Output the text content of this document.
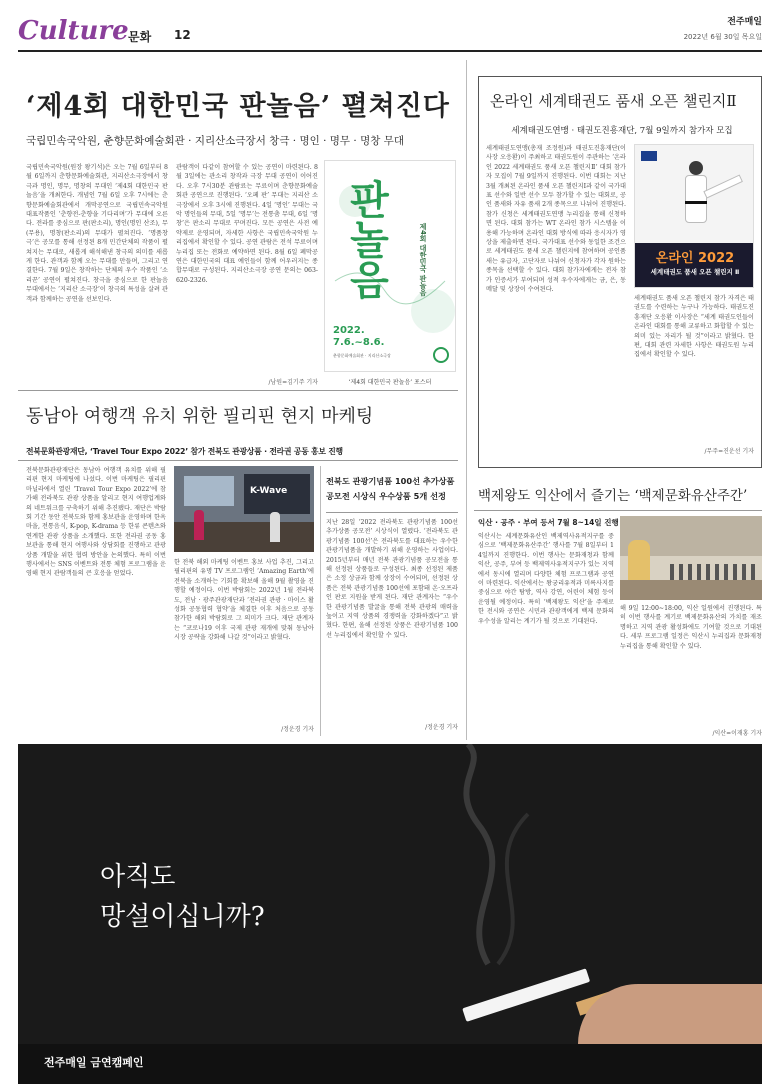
Culture 문화 12
전주매일
2022년 6월 30일 목요일
‘제4회 대한민국 판놀음’ 펼쳐진다
국립민속국악원, 춘향문화예술회관 · 지리산소극장서 창극 · 명인 · 명무 · 명창 무대
국립민속국악원(원장 왕기석)은 오는 7월 6일부터 8월 6일까지 춘향문화예술회관, 지리산소극장에서 창극과 명인, 명무, 명창의 무대인 ‘제4회 대한민국 판놀음’을 개최한다. 개념인 7월 6일 오후 7시에는 춘향문화예술회관에서 개막공연으로 국립민속국악원 대표작품인 ‘춘향전-춘향을 기다리며’가 무대에 오른다. 전라를 중심으로 판(판소리), 명인(명인 산조), 무(무용), 명창(판소리)의 무대가 펼쳐진다. ‘명품창극’은 공모를 통해 선정된 8개 민간단체의 작품이 펼쳐지는 무대로, 새롭게 해석해낸 창극의 의미를 새롭게 한다. 관객과 함께 오는 무대를 만들며, 그리고 연결한다. 7월 9일은 창작하는 단체의 우수 작품인 ‘소리꾼’ 공연이 펼쳐진다. 창극을 중심으로 한 판놀음 무대에서는 ‘지리산 소극장’이 창극의 특성을 살려 관객과 함께하는 공연을 선보인다.
관람객이 다같이 참여할 수 있는 공연이 마련된다. 8월 3일에는 관소리 창작과 극장 무대 공연이 이어진다. 오후 7시30분 관람료는 무료이며 춘향문화예술회관 공연으로 진행된다. ‘오페 판’ 무대는 지리산 소극장에서 오후 3시에 진행된다. 4일 ‘명인’ 무대는 국악 명인들의 무대, 5일 ‘명무’는 전통춤 무대, 6일 ‘명창’은 판소리 무대로 꾸며진다. 모든 공연은 사전 예약제로 운영되며, 자세한 사항은 국립민속국악원 누리집에서 확인할 수 있다. 공연 관람은 전석 무료이며 누리집 또는 전화로 예약하면 된다. 8월 6일 폐막공연은 대한민국의 대표 예인들이 함께 어우러지는 종합무대로 구성된다. 지리산소극장 공연 문의는 063-620-2326.
/남원=김기주 기자
판놀음	제4회 대한민국 판놀음
2022. 7.6.~8.6.
춘향문화예술회관 · 지리산소극장
‘제4회 대한민국 판놀음’ 포스터
온라인 세계태권도 품새 오픈 챌린지Ⅱ
세계태권도연맹 · 태권도진흥재단, 7월 9일까지 참가자 모집
세계태권도연맹(총재 조정원)과 태권도진흥재단(이사장 오응환)이 주최하고 태권도원이 주관하는 ‘온라인 2022 세계태권도 품새 오픈 챌린지Ⅱ’ 대회 참가자 모집이 7월 9일까지 진행된다. 이번 대회는 지난 3월 개최된 온라인 품새 오픈 챌린지Ⅰ과 같이 국가대표 선수와 일반 선수 모두 참가할 수 있는 대회로, 공인 품새와 자유 품새 2개 종목으로 나뉘어 진행된다. 참가 신청은 세계태권도연맹 누리집을 통해 신청하면 된다. 대회 참가는 WT 온라인 참가 시스템을 이용해 가능하며 온라인 대회 방식에 따라 응시자가 영상을 제출하면 된다. 국가대표 선수와 동일한 조건으로 세계태권도 품새 오픈 챌린지에 참여하며 공인품새는 유급자, 고단자로 나뉘어 신청자가 각자 원하는 종목을 선택할 수 있다. 대회 참가자에게는 전자 참가 인증서가 부여되며 성적 우수자에게는 금, 은, 동메달 및 상장이 수여된다.
온라인 2022
세계태권도 품새 오픈 챌린지 Ⅱ
세계태권도 품새 오픈 챌린지 참가 자격은 태권도를 수련하는 누구나 가능하다. 태권도진흥재단 오응환 이사장은 “세계 태권도인들이 온라인 대회를 통해 교류하고 화합할 수 있는 의미 있는 자리가 될 것”이라고 밝혔다. 한편, 대회 관련 자세한 사항은 태권도원 누리집에서 확인할 수 있다.
/무주=진운선 기자
동남아 여행객 유치 위한 필리핀 현지 마케팅
전북문화관광재단, ‘Travel Tour Expo 2022’ 참가 전북도 관광상품 · 전라권 공동 홍보 진행
전북문화관광재단은 동남아 여행객 유치를 위해 필리핀 현지 마케팅에 나섰다. 이번 마케팅은 필리핀 마닐라에서 열린 ‘Travel Tour Expo 2022’에 참가해 전라북도 관광 상품을 알리고 현지 여행업계와의 네트워크를 구축하기 위해 추진됐다. 재단은 박람회 기간 동안 전북도와 함께 홍보관을 운영하며 한옥마을, 전통음식, K-pop, K-drama 등 한류 콘텐츠와 연계한 관광 상품을 소개했다. 또한 전라권 공동 홍보관을 통해 현지 여행사와 상담회를 진행하고 관광 상품 개발을 위한 협력 방안을 논의했다. 특히 이번 행사에서는 SNS 이벤트와 전통 체험 프로그램을 운영해 현지 관람객들의 큰 호응을 얻었다.
K-Wave
한 전북 해외 마케팅 이벤트 홍보 사업 추진, 그리고 필리핀의 유명 TV 프로그램인 ‘Amazing Earth’에 전북을 소개하는 기회를 확보해 올해 9월 촬영을 진행할 예정이다. 이번 박람회는 2022년 1월 전라북도, 전남 · 광주관광재단과 ‘전라권 관광 · 마이스 활성화 공동협력 협약’을 체결한 이후 처음으로 공동 참가한 해외 박람회로 그 의미가 크다. 재단 관계자는 “코로나19 이후 국제 관광 재개에 맞춰 동남아 시장 공략을 강화해 나갈 것”이라고 밝혔다.
/정운경 기자
전북도 관광기념품 100선 추가상품 공모전 시상식 우수상품 5개 선정
지난 28일 ‘2022 전라북도 관광기념품 100선 추가상품 공모전’ 시상식이 열렸다. ‘전라북도 관광기념품 100선’은 전라북도를 대표하는 우수한 관광기념품을 개발하기 위해 운영하는 사업이다. 2015년부터 매년 전북 관광기념품 공모전을 통해 선정된 상품들로 구성된다. 최종 선정된 제품은 소정 상금과 함께 상장이 수여되며, 선정된 상품은 전북 관광기념품 100선에 포함돼 온·오프라인 판로 지원을 받게 된다. 재단 관계자는 “우수한 관광기념품 발굴을 통해 전북 관광의 매력을 높이고 지역 상품의 경쟁력을 강화하겠다”고 밝혔다. 한편, 올해 선정된 상품은 관광기념품 100선 누리집에서 확인할 수 있다.
/정운경 기자
백제왕도 익산에서 즐기는 ‘백제문화유산주간’
익산 · 공주 · 부여 등서 7월 8~14일 진행
익산시는 세계문화유산인 백제역사유적지구를 중심으로 ‘백제문화유산주간’ 행사를 7월 8일부터 14일까지 진행한다. 이번 행사는 문화재청과 함께 익산, 공주, 부여 등 백제역사유적지구가 있는 지역에서 동시에 열리며 다양한 체험 프로그램과 공연이 마련된다. 익산에서는 왕궁리유적과 미륵사지를 중심으로 야간 탐방, 역사 강연, 어린이 체험 등이 운영될 예정이다. 특히 ‘백제왕도 익산’을 주제로 한 전시와 공연은 시민과 관광객에게 백제 문화의 우수성을 알리는 계기가 될 것으로 기대된다.
해 9일 12:00~18:00, 익산 일원에서 진행된다. 특히 이번 행사를 계기로 백제문화유산의 가치를 재조명하고 지역 관광 활성화에도 기여할 것으로 기대된다. 세부 프로그램 일정은 익산시 누리집과 문화재청 누리집을 통해 확인할 수 있다.
/익산=이재홍 기자
아직도
망설이십니까?
전주매일 금연캠페인
